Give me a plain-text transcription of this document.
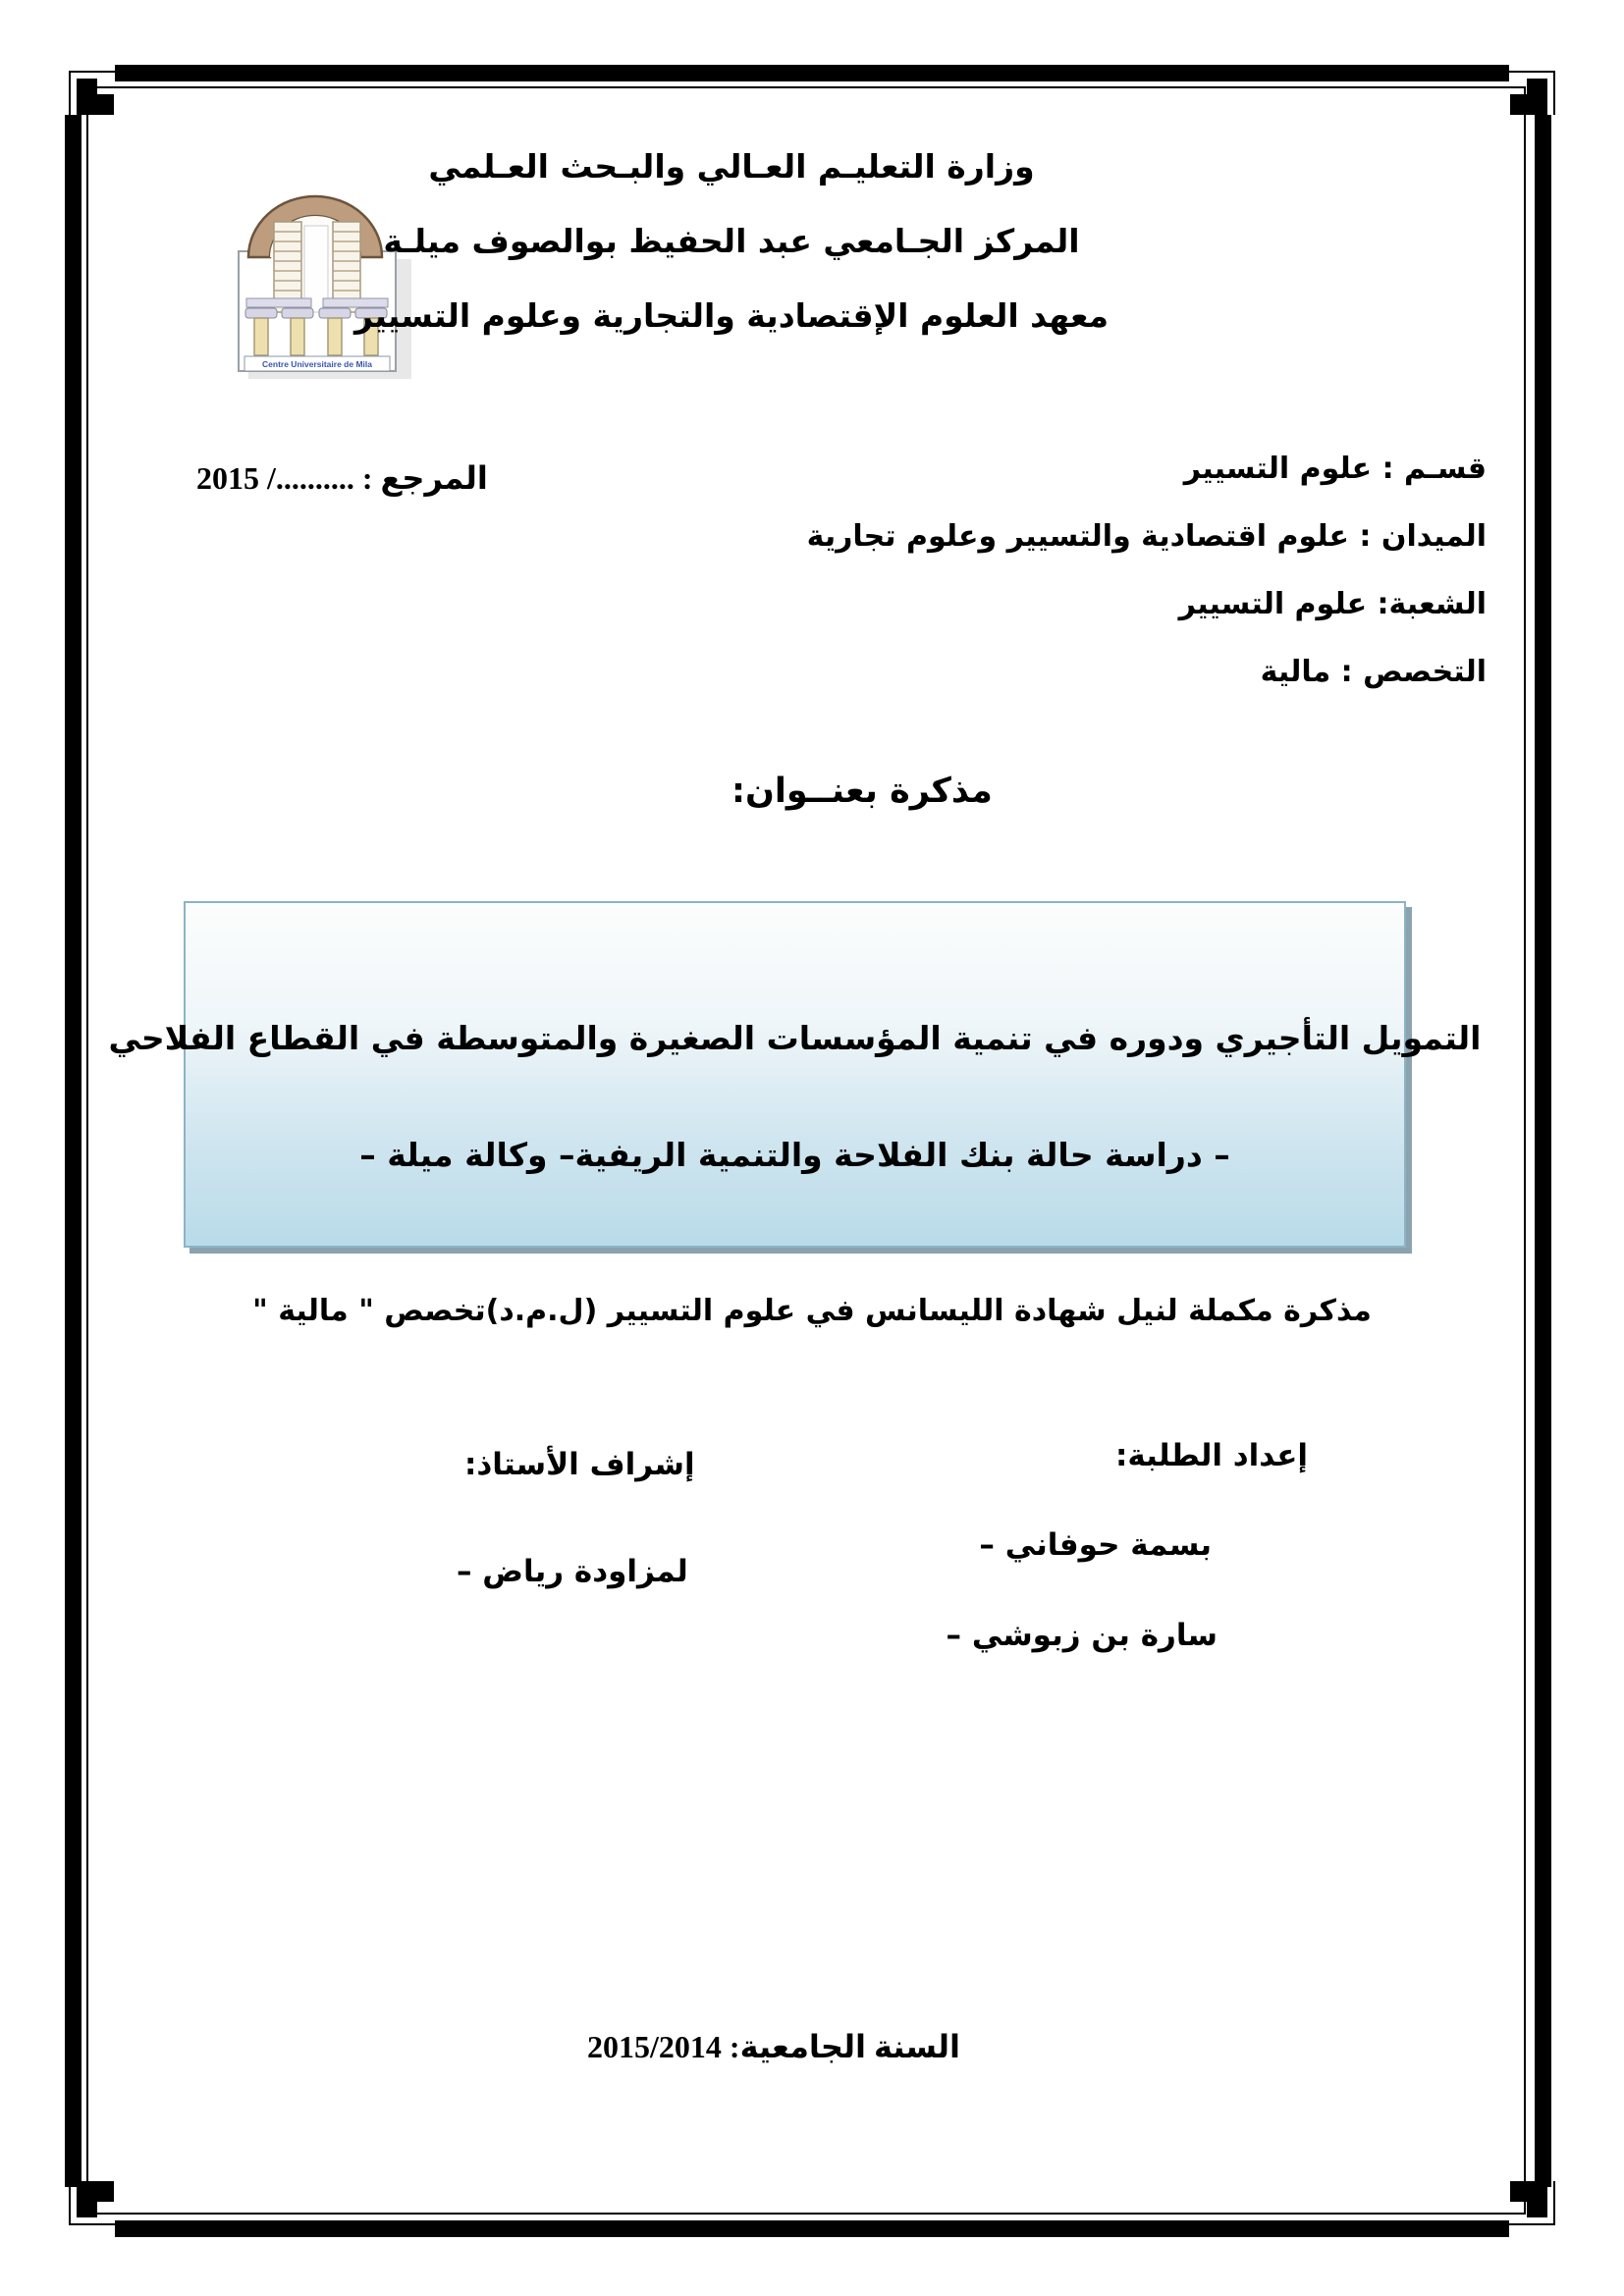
Centre Universitaire de Mila
وزارة التعليـم العـالي والبـحث العـلمي
المركز الجـامعي عبد الحفيظ بوالصوف ميلـة
معهد العلوم الإقتصادية والتجارية وعلوم التسيير
المرجع : ........../ 2015	قسـم : علوم التسيير
الميدان : علوم اقتصادية والتسيير وعلوم تجارية
الشعبة: علوم التسيير
التخصص : مالية
مذكرة بعنــوان:
التمويل التأجيري ودوره في تنمية المؤسسات الصغيرة والمتوسطة في القطاع الفلاحي
– دراسة حالة بنك الفلاحة والتنمية الريفية– وكالة ميلة –
مذكرة مكملة لنيل شهادة الليسانس في علوم التسيير (ل.م.د)تخصص " مالية "
إعداد الطلبة:
– بسمة حوفاني
– سارة بن زبوشي
إشراف الأستاذ:
– لمزاودة رياض
السنة الجامعية: 2015/2014
